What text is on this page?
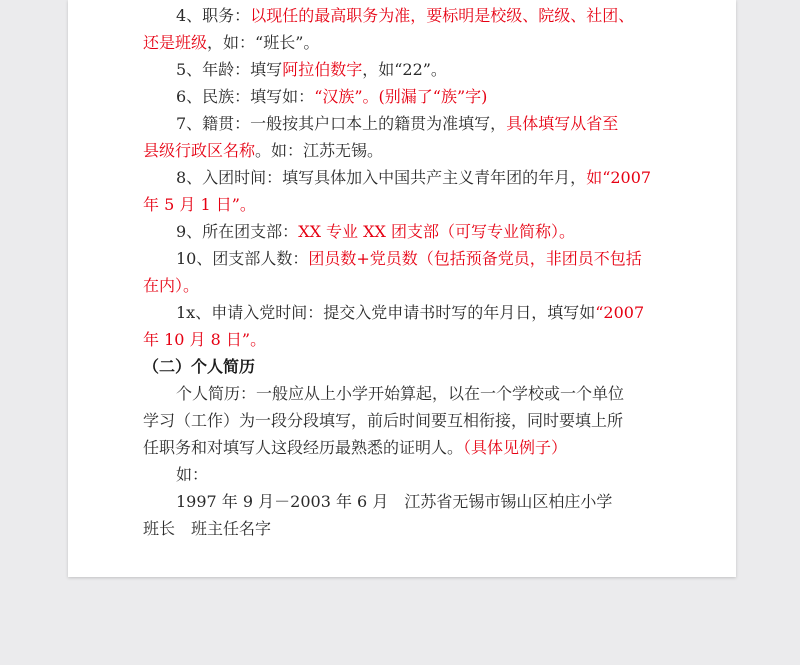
4、职务：以现任的最高职务为准，要标明是校级、院级、社团、
还是班级，如：“班长”。
5、年龄：填写阿拉伯数字，如“22”。
6、民族：填写如：“汉族”。(别漏了“族”字)
7、籍贯：一般按其户口本上的籍贯为准填写，具体填写从省至
县级行政区名称。如：江苏无锡。
8、入团时间：填写具体加入中国共产主义青年团的年月，如“2007
年 5 月 1 日”。
9、所在团支部：XX 专业 XX 团支部（可写专业简称）。
10、团支部人数：团员数+党员数（包括预备党员，非团员不包括
在内）。
1x、申请入党时间：提交入党申请书时写的年月日，填写如“2007
年 10 月 8 日”。
（二）个人简历
个人简历：一般应从上小学开始算起，以在一个学校或一个单位
学习（工作）为一段分段填写，前后时间要互相衔接，同时要填上所
任职务和对填写人这段经历最熟悉的证明人。（具体见例子）
如：
1997 年 9 月－2003 年 6 月　江苏省无锡市锡山区柏庄小学
班长　班主任名字
